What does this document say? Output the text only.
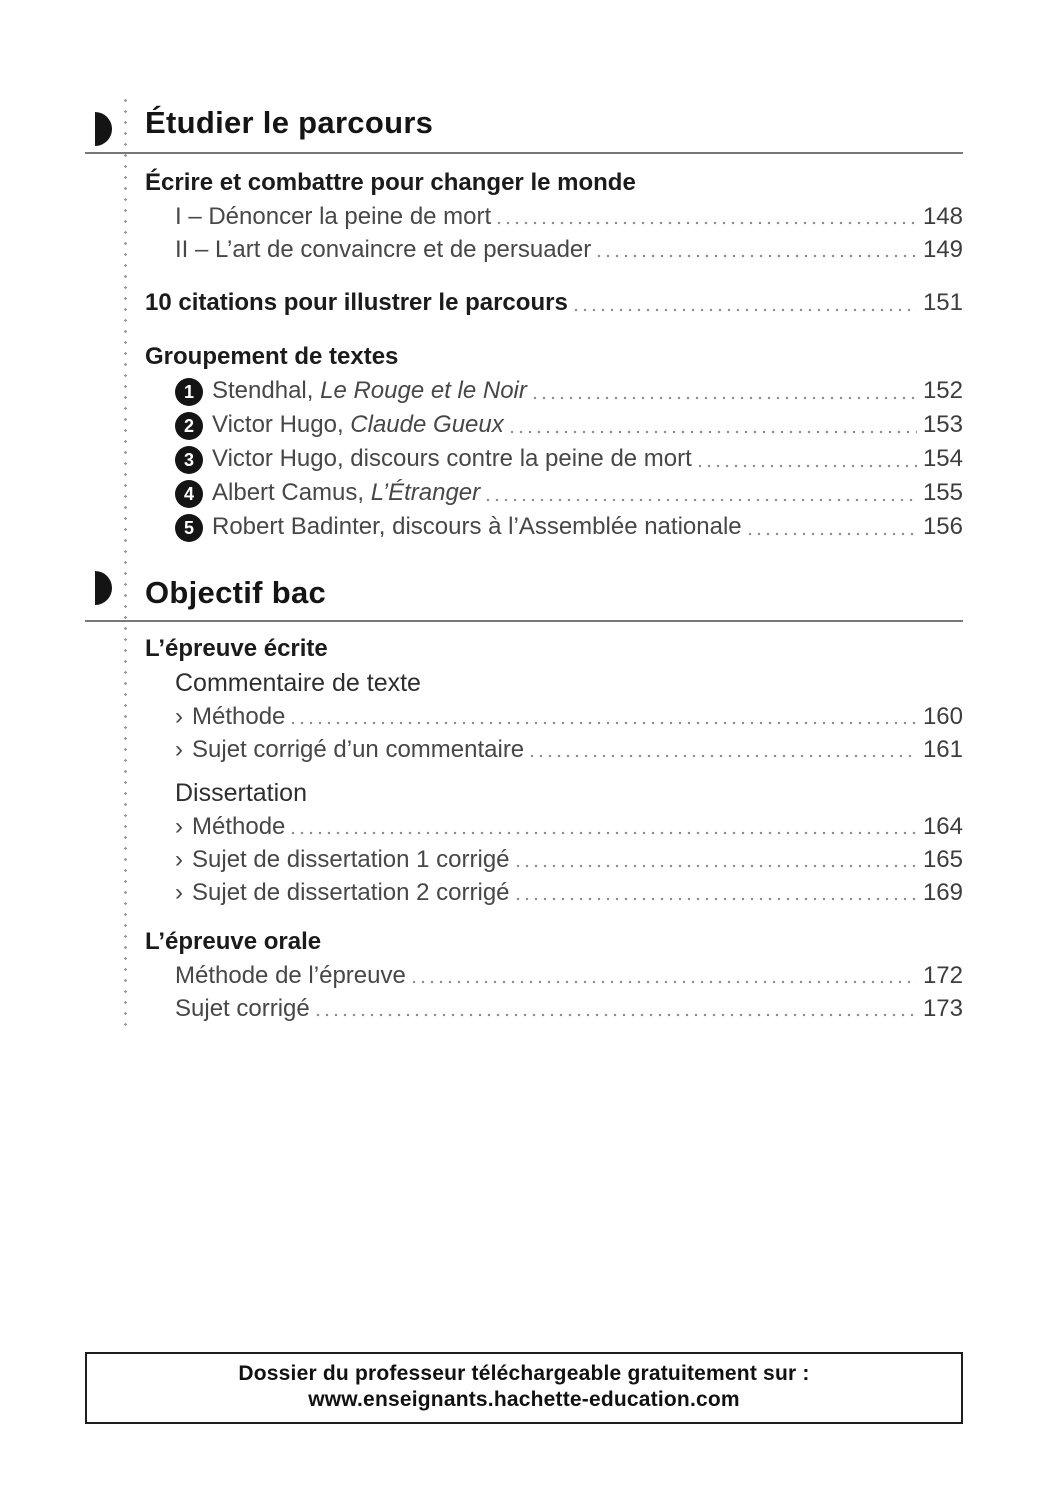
Étudier le parcours
Écrire et combattre pour changer le monde
I – Dénoncer la peine de mort	148
II – L’art de convaincre et de persuader	149
10 citations pour illustrer le parcours	151
Groupement de textes
1 Stendhal, Le Rouge et le Noir	152
2 Victor Hugo, Claude Gueux	153
3 Victor Hugo, discours contre la peine de mort	154
4 Albert Camus, L’Étranger	155
5 Robert Badinter, discours à l’Assemblée nationale	156
Objectif bac
L’épreuve écrite
Commentaire de texte
› Méthode	160
› Sujet corrigé d’un commentaire	161
Dissertation
› Méthode	164
› Sujet de dissertation 1 corrigé	165
› Sujet de dissertation 2 corrigé	169
L’épreuve orale
Méthode de l’épreuve	172
Sujet corrigé	173
Dossier du professeur téléchargeable gratuitement sur :
www.enseignants.hachette-education.com
